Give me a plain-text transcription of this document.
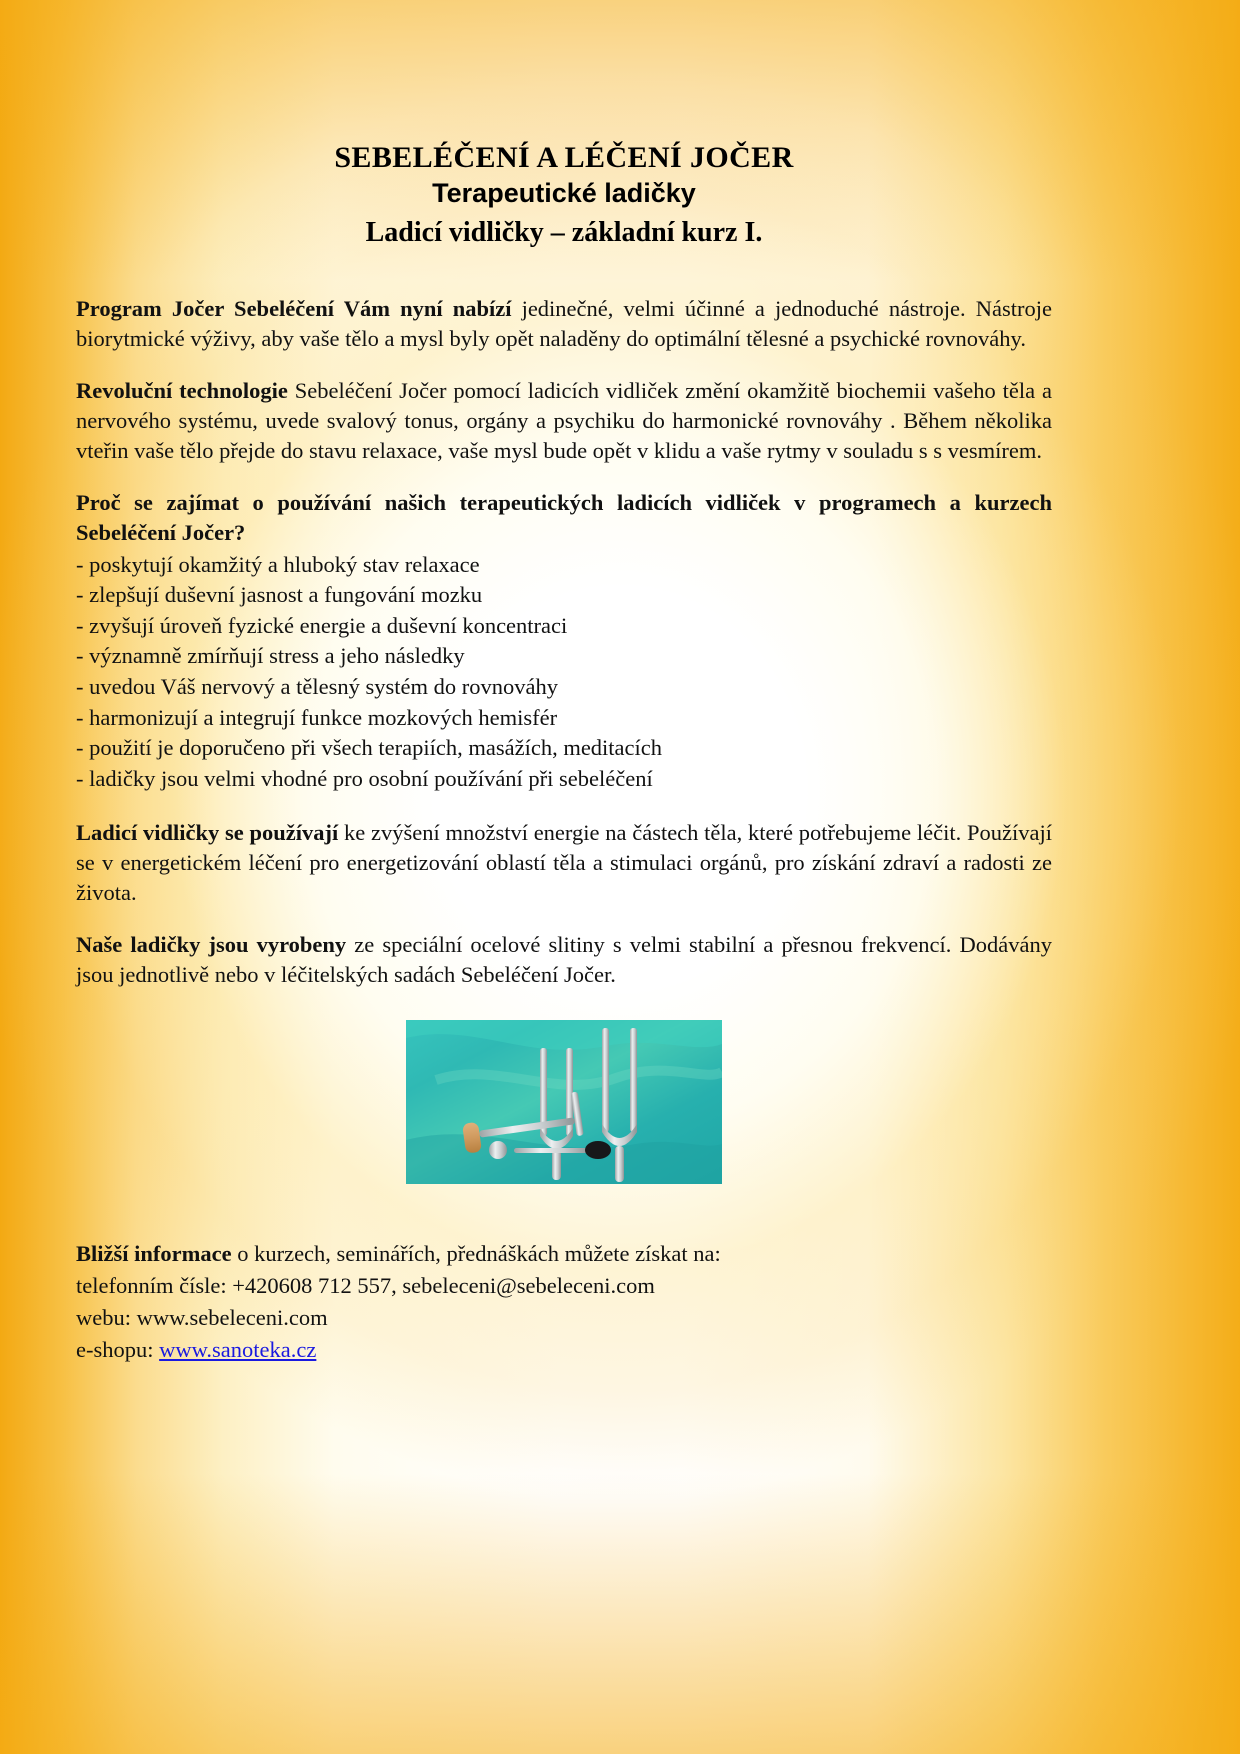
SEBELÉČENÍ A LÉČENÍ JOČER
Terapeutické ladičky
Ladicí vidličky – základní kurz I.

Program Jočer Sebeléčení Vám nyní nabízí jedinečné, velmi účinné a jednoduché nástroje. Nástroje biorytmické výživy, aby vaše tělo a mysl byly opět naladěny do optimální tělesné a psychické rovnováhy.

Revoluční technologie Sebeléčení Jočer pomocí ladicích vidliček změní okamžitě biochemii vašeho těla a nervového systému, uvede svalový tonus, orgány a psychiku do harmonické rovnováhy . Během několika vteřin vaše tělo přejde do stavu relaxace, vaše mysl bude opět v klidu a vaše rytmy v souladu s s vesmírem.

Proč se zajímat o používání našich terapeutických ladicích vidliček v programech a kurzech Sebeléčení Jočer?
- poskytují okamžitý a hluboký stav relaxace
- zlepšují duševní jasnost a fungování mozku
- zvyšují úroveň fyzické energie a duševní koncentraci
- významně zmírňují stress a jeho následky
- uvedou Váš nervový a tělesný systém do rovnováhy
- harmonizují a integrují funkce mozkových hemisfér
- použití je doporučeno při všech terapiích, masážích, meditacích
- ladičky jsou velmi vhodné pro osobní používání při sebeléčení

Ladicí vidličky se používají ke zvýšení množství energie na částech těla, které potřebujeme léčit. Používají se v energetickém léčení pro energetizování oblastí těla a stimulaci orgánů, pro získání zdraví a radosti ze života.

Naše ladičky jsou vyrobeny ze speciální ocelové slitiny s velmi stabilní a přesnou frekvencí. Dodávány jsou jednotlivě nebo v léčitelských sadách Sebeléčení Jočer.

Bližší informace o kurzech, seminářích, přednáškách můžete získat na:
telefonním čísle: +420608 712 557, sebeleceni@sebeleceni.com
webu: www.sebeleceni.com
e-shopu: www.sanoteka.cz
